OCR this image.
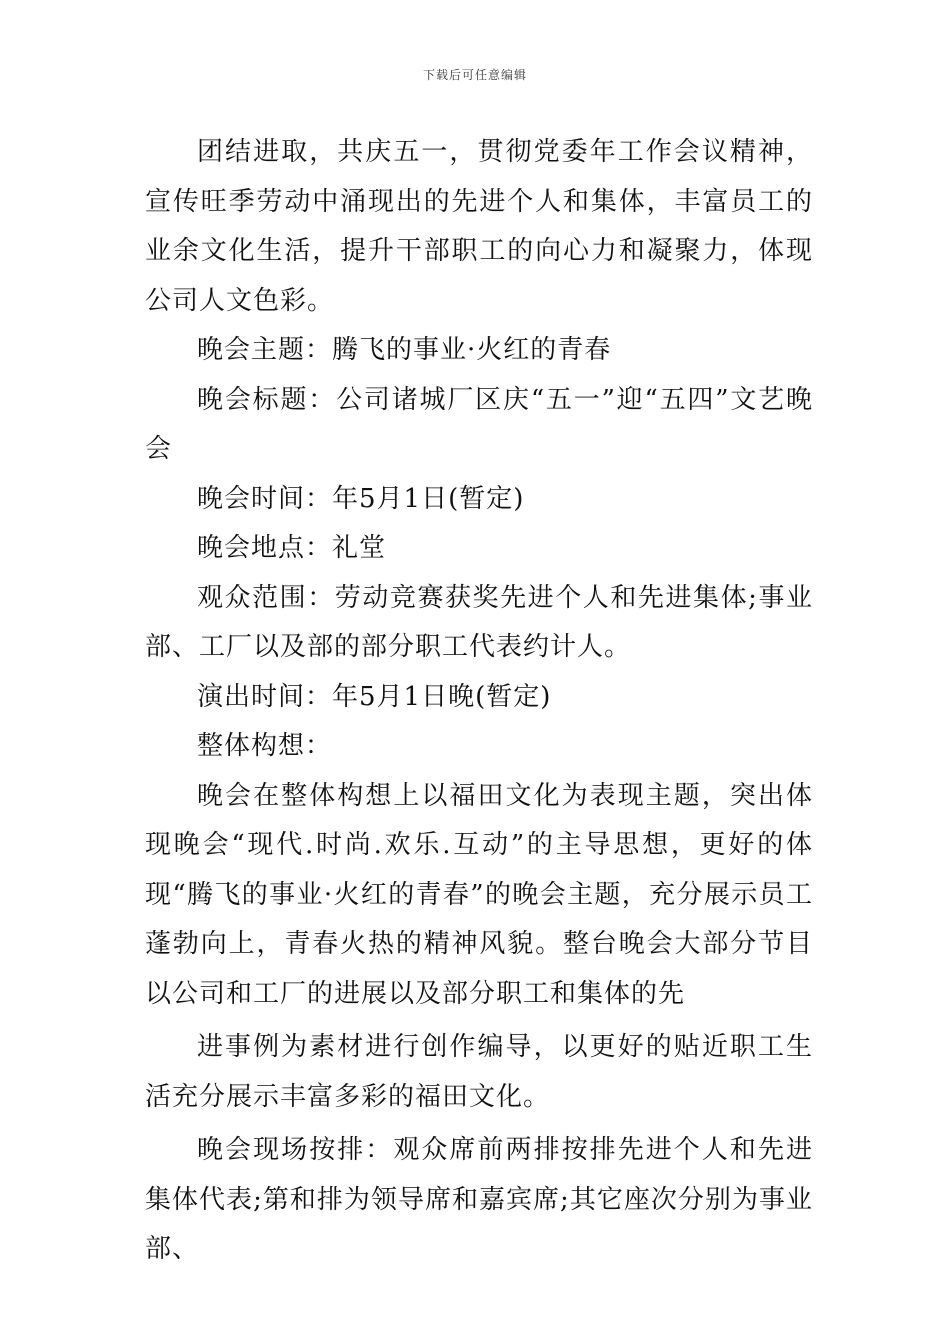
下载后可任意编辑

团结进取，共庆五一，贯彻党委年工作会议精神，宣传旺季劳动中涌现出的先进个人和集体，丰富员工的业余文化生活，提升干部职工的向心力和凝聚力，体现公司人文色彩。

晚会主题：腾飞的事业·火红的青春

晚会标题：公司诸城厂区庆“五一”迎“五四”文艺晚会

晚会时间：年5月1日(暂定)

晚会地点：礼堂

观众范围：劳动竞赛获奖先进个人和先进集体;事业部、工厂以及部的部分职工代表约计人。

演出时间：年5月1日晚(暂定)

整体构想：

晚会在整体构想上以福田文化为表现主题，突出体现晚会“现代.时尚.欢乐.互动”的主导思想，更好的体现“腾飞的事业·火红的青春”的晚会主题，充分展示员工蓬勃向上，青春火热的精神风貌。整台晚会大部分节目以公司和工厂的进展以及部分职工和集体的先

进事例为素材进行创作编导，以更好的贴近职工生活充分展示丰富多彩的福田文化。

晚会现场按排：观众席前两排按排先进个人和先进集体代表;第和排为领导席和嘉宾席;其它座次分别为事业部、
